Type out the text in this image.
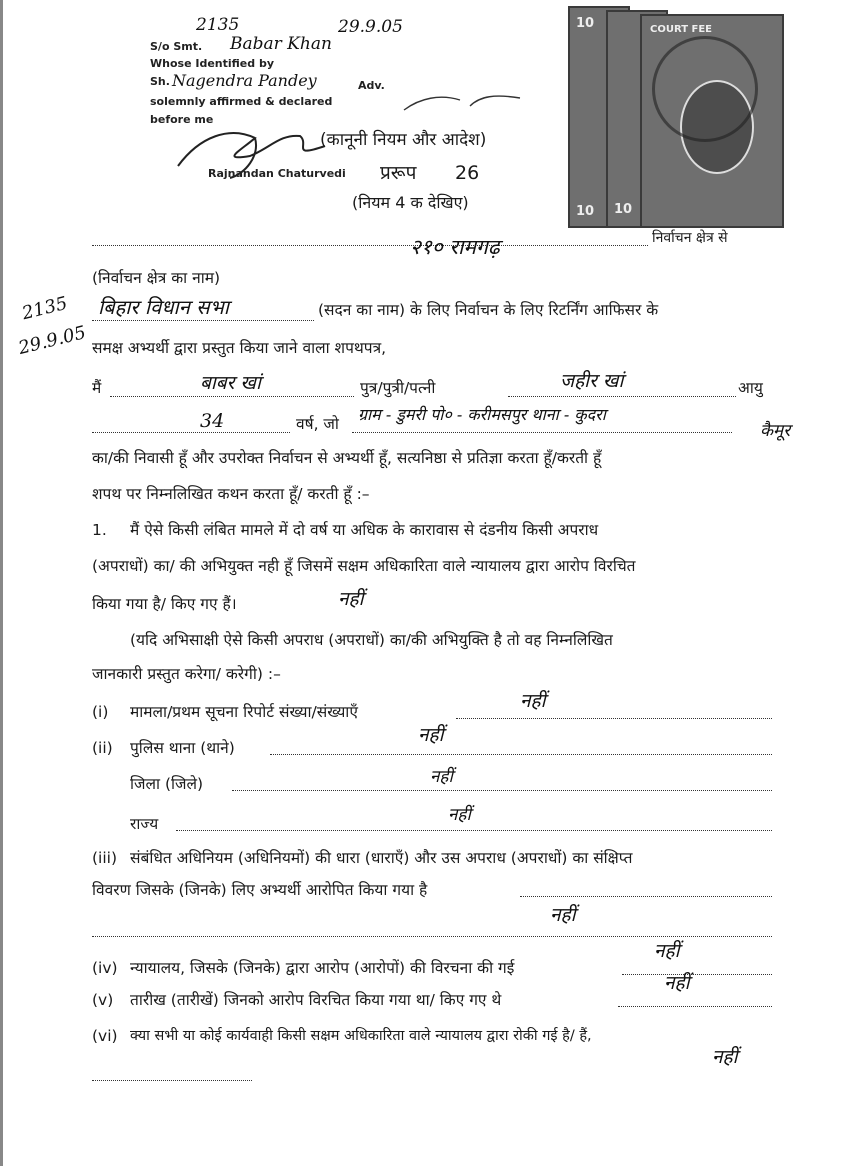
2135	29.9.05
S/o Smt. Babar Khan
Whose Identified by
Sh. Nagendra Pandey	Adv.
solemnly affirmed & declared
before me
Rajnandan Chaturvedi
10
10 10
COURT FEE
(कानूनी नियम और आदेश)
प्ररूप 26
(नियम 4 क देखिए)
२१० रामगढ़	निर्वाचन क्षेत्र से
(निर्वाचन क्षेत्र का नाम)
2135
29.9.05
बिहार विधान सभा	(सदन का नाम) के लिए निर्वाचन के लिए रिटर्निंग आफिसर के
समक्ष अभ्यर्थी द्वारा प्रस्तुत किया जाने वाला शपथपत्र,
मैं	बाबर खां	पुत्र/पुत्री/पत्नी	जहीर खां	आयु
34	वर्ष, जो ग्राम - डुमरी पो० - करीमसपुर थाना - कुदरा
कैमूर
का/की निवासी हूँ और उपरोक्त निर्वाचन से अभ्यर्थी हूँ, सत्यनिष्ठा से प्रतिज्ञा करता हूँ/करती हूँ
शपथ पर निम्नलिखित कथन करता हूँ/ करती हूँ :–
1. मैं ऐसे किसी लंबित मामले में दो वर्ष या अधिक के कारावास से दंडनीय किसी अपराध
(अपराधों) का/ की अभियुक्त नही हूँ जिसमें सक्षम अधिकारिता वाले न्यायालय द्वारा आरोप विरचित
किया गया है/ किए गए हैं।	नहीं
(यदि अभिसाक्षी ऐसे किसी अपराध (अपराधों) का/की अभियुक्ति है तो वह निम्नलिखित
जानकारी प्रस्तुत करेगा/ करेगी) :–
(i) मामला/प्रथम सूचना रिपोर्ट संख्या/संख्याएँ	नहीं
(ii) पुलिस थाना (थाने)
नहीं
जिला (जिले)	नहीं
राज्य	नहीं
(iii) संबंधित अधिनियम (अधिनियमों) की धारा (धाराएँ) और उस अपराध (अपराधों) का संक्षिप्त
विवरण जिसके (जिनके) लिए अभ्यर्थी आरोपित किया गया है
नहीं
(iv) न्यायालय, जिसके (जिनके) द्वारा आरोप (आरोपों) की विरचना की गई
नहीं
(v) तारीख (तारीखें) जिनको आरोप विरचित किया गया था/ किए गए थे
नहीं
(vi) क्या सभी या कोई कार्यवाही किसी सक्षम अधिकारिता वाले न्यायालय द्वारा रोकी गई है/ हैं,
नहीं
